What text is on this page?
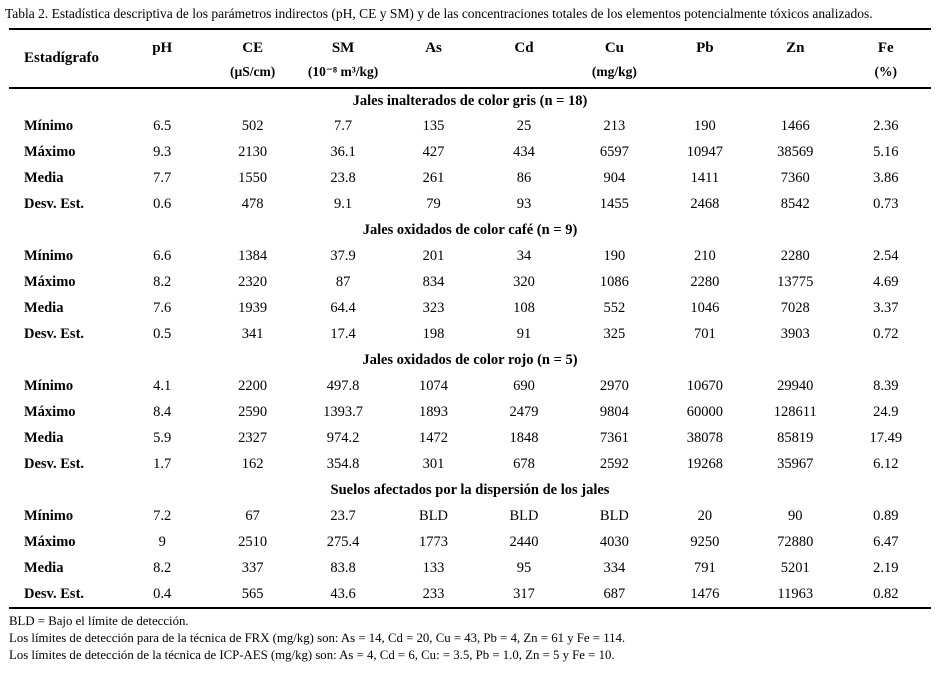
Tabla 2. Estadística descriptiva de los parámetros indirectos (pH, CE y SM) y de las concentraciones totales de los elementos potencialmente tóxicos analizados.

Estadígrafo	pH	CE	SM	As	Cd	Cu	Pb	Zn	Fe
		(µS/cm)	(10⁻⁸ m³/kg)			(mg/kg)			(%)
Jales inalterados de color gris (n = 18)									
Mínimo	6.5	502	7.7	135	25	213	190	1466	2.36
Máximo	9.3	2130	36.1	427	434	6597	10947	38569	5.16
Media	7.7	1550	23.8	261	86	904	1411	7360	3.86
Desv. Est.	0.6	478	9.1	79	93	1455	2468	8542	0.73
Jales oxidados de color café (n = 9)									
Mínimo	6.6	1384	37.9	201	34	190	210	2280	2.54
Máximo	8.2	2320	87	834	320	1086	2280	13775	4.69
Media	7.6	1939	64.4	323	108	552	1046	7028	3.37
Desv. Est.	0.5	341	17.4	198	91	325	701	3903	0.72
Jales oxidados de color rojo (n = 5)									
Mínimo	4.1	2200	497.8	1074	690	2970	10670	29940	8.39
Máximo	8.4	2590	1393.7	1893	2479	9804	60000	128611	24.9
Media	5.9	2327	974.2	1472	1848	7361	38078	85819	17.49
Desv. Est.	1.7	162	354.8	301	678	2592	19268	35967	6.12
Suelos afectados por la dispersión de los jales									
Mínimo	7.2	67	23.7	BLD	BLD	BLD	20	90	0.89
Máximo	9	2510	275.4	1773	2440	4030	9250	72880	6.47
Media	8.2	337	83.8	133	95	334	791	5201	2.19
Desv. Est.	0.4	565	43.6	233	317	687	1476	11963	0.82

BLD = Bajo el límite de detección.

Los límites de detección para de la técnica de FRX (mg/kg) son: As = 14, Cd = 20, Cu = 43, Pb = 4, Zn = 61 y Fe = 114.

Los límites de detección de la técnica de ICP-AES (mg/kg) son: As = 4, Cd = 6, Cu: = 3.5, Pb = 1.0, Zn = 5 y Fe = 10.
